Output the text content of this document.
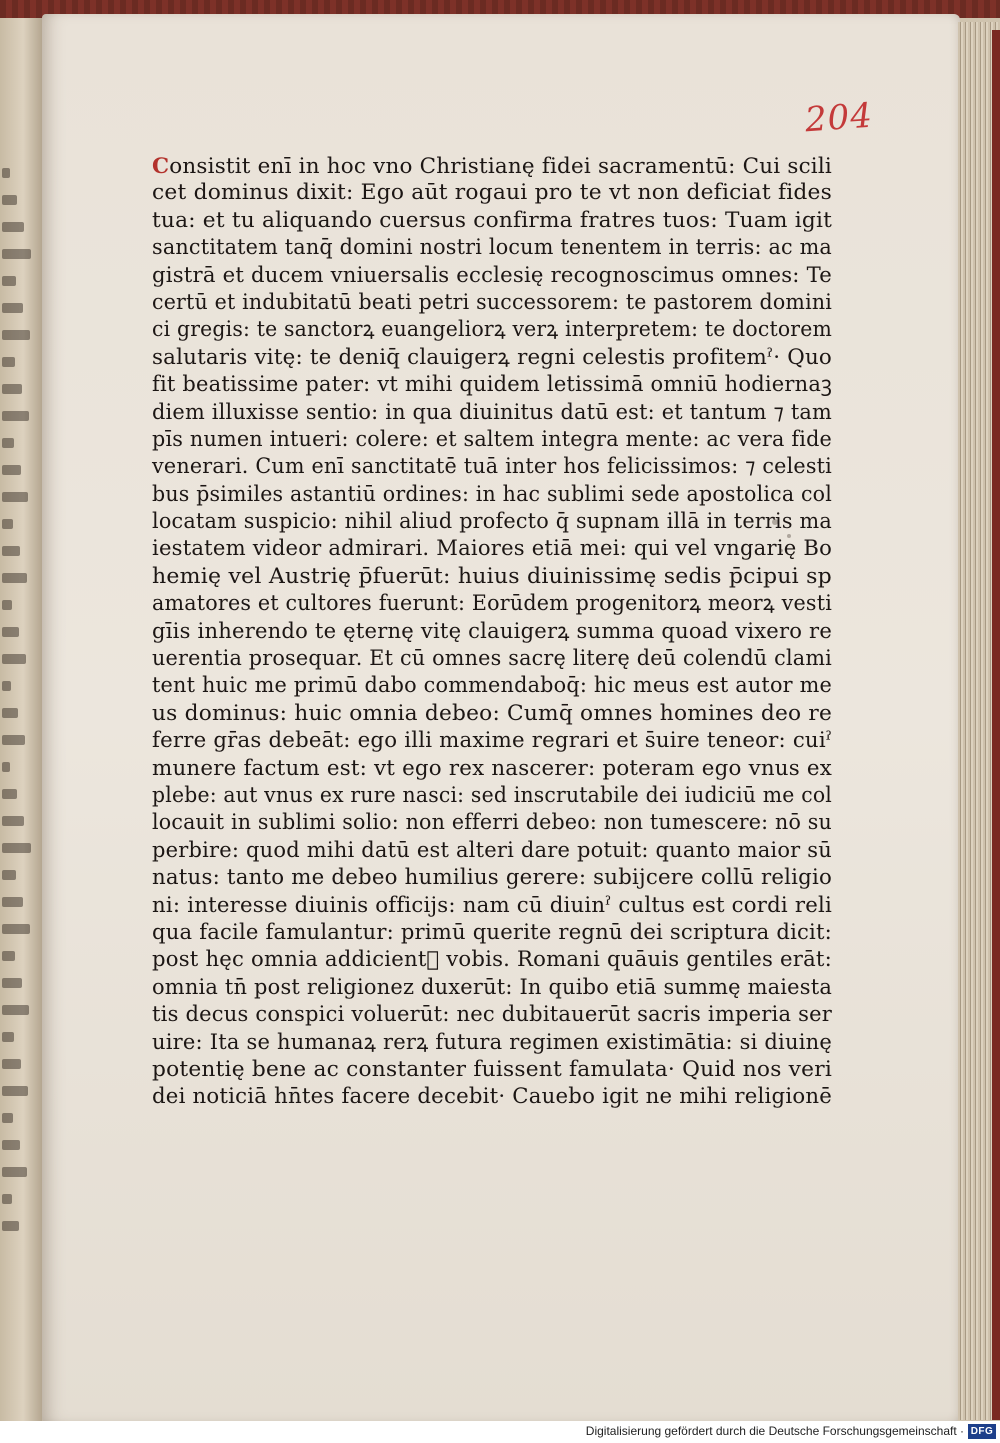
204
Consistit enī in hoc vno Christianę fidei sacramentū: Cui scili
cet dominus dixit: Ego aūt rogaui pro te vt non deficiat fides
tua: et tu aliquando cuersus confirma fratres tuos: Tuam igit
sanctitatem tanq̄ domini nostri locum tenentem in terris: ac ma
gistrā et ducem vniuersalis ecclesię recognoscimus omnes: Te
certū et indubitatū beati petri successorem: te pastorem domini
ci gregis: te sanctorꝝ euangeliorꝝ verꝝ interpretem: te doctorem
salutaris vitę: te deniq̄ clauigerꝝ regni celestis profitemˀ· Quo
fit beatissime pater: vt mihi quidem letissimā omniū hodiernaꝫ
diem illuxisse sentio: in qua diuinitus datū est: et tantum ⁊ tam
pīs numen intueri: colere: et saltem integra mente: ac vera fide
venerari. Cum enī sanctitatē tuā inter hos felicissimos: ⁊ celesti
bus p̄similes astantiū ordines: in hac sublimi sede apostolica col
locatam suspicio: nihil aliud profecto q̄ supnam illā in terris ma
iestatem videor admirari. Maiores etiā mei: qui vel vngarię Bo
hemię vel Austrię p̄fuerūt: huius diuinissimę sedis p̄cipui sp
amatores et cultores fuerunt: Eorūdem progenitorꝝ meorꝝ vesti
gīis inherendo te ęternę vitę clauigerꝝ summa quoad vixero re
uerentia prosequar. Et cū omnes sacrę literę deū colendū clami
tent huic me primū dabo commendaboq̄: hic meus est autor me
us dominus: huic omnia debeo: Cumq̄ omnes homines deo re
ferre gr̄as debeāt: ego illi maxime regrari et s̄uire teneor: cuiˀ
munere factum est: vt ego rex nascerer: poteram ego vnus ex
plebe: aut vnus ex rure nasci: sed inscrutabile dei iudiciū me col
locauit in sublimi solio: non efferri debeo: non tumescere: nō su
perbire: quod mihi datū est alteri dare potuit: quanto maior sū
natus: tanto me debeo humilius gerere: subijcere collū religio
ni: interesse diuinis officijs: nam cū diuinˀ cultus est cordi reli
qua facile famulantur: primū querite regnū dei scriptura dicit:
post hęc omnia addicientᷣ vobis. Romani quāuis gentiles erāt:
omnia tn̄ post religionez duxerūt: In quibo etiā summę maiesta
tis decus conspici voluerūt: nec dubitauerūt sacris imperia ser
uire: Ita se humanaꝝ rerꝝ futura regimen existimātia: si diuinę
potentię bene ac constanter fuissent famulata· Quid nos veri
dei noticiā hn̄tes facere decebit· Cauebo igit ne mihi religionē
Digitalisierung gefördert durch die Deutsche Forschungsgemeinschaft · DFG
